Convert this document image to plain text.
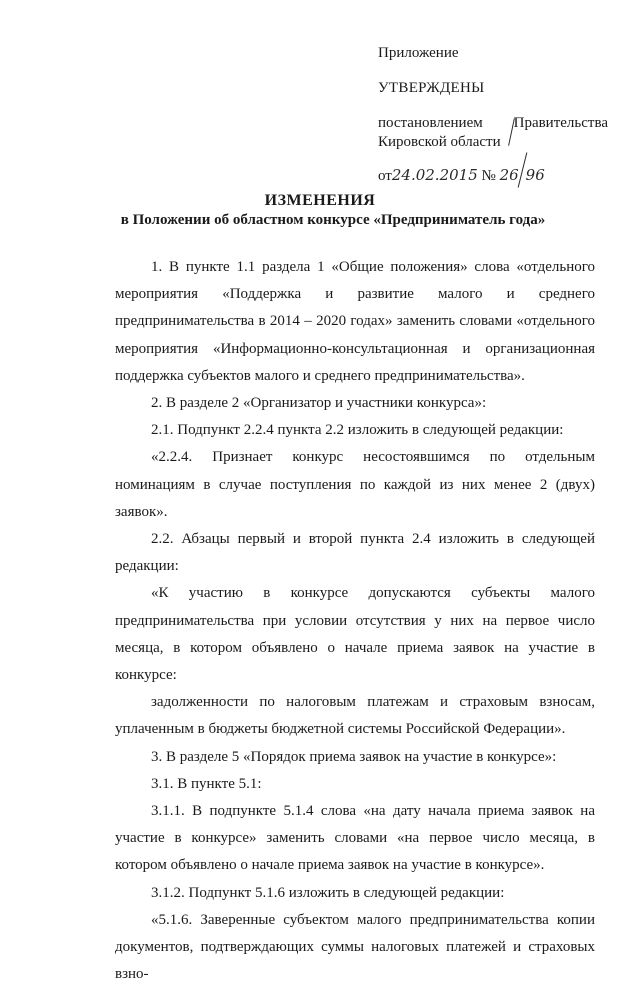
Приложение
УТВЕРЖДЕНЫ
постановлением Правительства
Кировской области
от24.02.2015 № 26 96
ИЗМЕНЕНИЯ
в Положении об областном конкурсе «Предприниматель года»

1. В пункте 1.1 раздела 1 «Общие положения» слова «отдельного мероприятия «Поддержка и развитие малого и среднего предпринимательства в 2014 – 2020 годах» заменить словами «отдельного мероприятия «Информационно-консультационная и организационная поддержка субъектов малого и среднего предпринимательства».

2. В разделе 2 «Организатор и участники конкурса»:

2.1. Подпункт 2.2.4 пункта 2.2 изложить в следующей редакции:

«2.2.4. Признает конкурс несостоявшимся по отдельным номинациям в случае поступления по каждой из них менее 2 (двух) заявок».

2.2. Абзацы первый и второй пункта 2.4 изложить в следующей редакции:

«К участию в конкурсе допускаются субъекты малого предпринимательства при условии отсутствия у них на первое число месяца, в котором объявлено о начале приема заявок на участие в конкурсе:

задолженности по налоговым платежам и страховым взносам, уплаченным в бюджеты бюджетной системы Российской Федерации».

3. В разделе 5 «Порядок приема заявок на участие в конкурсе»:

3.1. В пункте 5.1:

3.1.1. В подпункте 5.1.4 слова «на дату начала приема заявок на участие в конкурсе» заменить словами «на первое число месяца, в котором объявлено о начале приема заявок на участие в конкурсе».

3.1.2. Подпункт 5.1.6 изложить в следующей редакции:

«5.1.6. Заверенные субъектом малого предпринимательства копии документов, подтверждающих суммы налоговых платежей и страховых взно-
